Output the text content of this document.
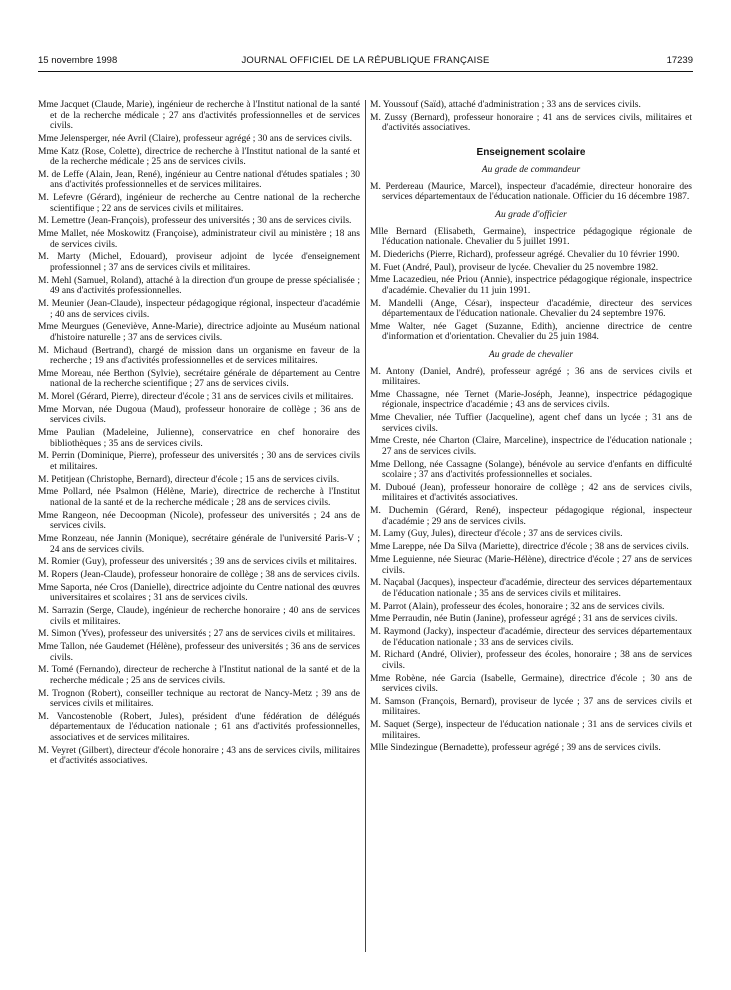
15 novembre 1998	JOURNAL OFFICIEL DE LA RÉPUBLIQUE FRANÇAISE	17239

Mme Jacquet (Claude, Marie), ingénieur de recherche à l'Institut national de la santé et de la recherche médicale ; 27 ans d'activités professionnelles et de services civils.

Mme Jelensperger, née Avril (Claire), professeur agrégé ; 30 ans de services civils.

Mme Katz (Rose, Colette), directrice de recherche à l'Institut national de la santé et de la recherche médicale ; 25 ans de services civils.

M. de Leffe (Alain, Jean, René), ingénieur au Centre national d'études spatiales ; 30 ans d'activités professionnelles et de services militaires.

M. Lefevre (Gérard), ingénieur de recherche au Centre national de la recherche scientifique ; 22 ans de services civils et militaires.

M. Lemettre (Jean-François), professeur des universités ; 30 ans de services civils.

Mme Mallet, née Moskowitz (Françoise), administrateur civil au ministère ; 18 ans de services civils.

M. Marty (Michel, Edouard), proviseur adjoint de lycée d'enseignement professionnel ; 37 ans de services civils et militaires.

M. Mehl (Samuel, Roland), attaché à la direction d'un groupe de presse spécialisée ; 49 ans d'activités professionnelles.

M. Meunier (Jean-Claude), inspecteur pédagogique régional, inspecteur d'académie ; 40 ans de services civils.

Mme Meurgues (Geneviève, Anne-Marie), directrice adjointe au Muséum national d'histoire naturelle ; 37 ans de services civils.

M. Michaud (Bertrand), chargé de mission dans un organisme en faveur de la recherche ; 19 ans d'activités professionnelles et de services militaires.

Mme Moreau, née Berthon (Sylvie), secrétaire générale de département au Centre national de la recherche scientifique ; 27 ans de services civils.

M. Morel (Gérard, Pierre), directeur d'école ; 31 ans de services civils et militaires.

Mme Morvan, née Dugoua (Maud), professeur honoraire de collège ; 36 ans de services civils.

Mme Paulian (Madeleine, Julienne), conservatrice en chef honoraire des bibliothèques ; 35 ans de services civils.

M. Perrin (Dominique, Pierre), professeur des universités ; 30 ans de services civils et militaires.

M. Petitjean (Christophe, Bernard), directeur d'école ; 15 ans de services civils.

Mme Pollard, née Psalmon (Hélène, Marie), directrice de recherche à l'Institut national de la santé et de la recherche médicale ; 28 ans de services civils.

Mme Rangeon, née Decoopman (Nicole), professeur des universités ; 24 ans de services civils.

Mme Ronzeau, née Jannin (Monique), secrétaire générale de l'université Paris-V ; 24 ans de services civils.

M. Romier (Guy), professeur des universités ; 39 ans de services civils et militaires.

M. Ropers (Jean-Claude), professeur honoraire de collège ; 38 ans de services civils.

Mme Saporta, née Cros (Danielle), directrice adjointe du Centre national des œuvres universitaires et scolaires ; 31 ans de services civils.

M. Sarrazin (Serge, Claude), ingénieur de recherche honoraire ; 40 ans de services civils et militaires.

M. Simon (Yves), professeur des universités ; 27 ans de services civils et militaires.

Mme Tallon, née Gaudemet (Hélène), professeur des universités ; 36 ans de services civils.

M. Tomé (Fernando), directeur de recherche à l'Institut national de la santé et de la recherche médicale ; 25 ans de services civils.

M. Trognon (Robert), conseiller technique au rectorat de Nancy-Metz ; 39 ans de services civils et militaires.

M. Vancostenoble (Robert, Jules), président d'une fédération de délégués départementaux de l'éducation nationale ; 61 ans d'activités professionnelles, associatives et de services militaires.

M. Veyret (Gilbert), directeur d'école honoraire ; 43 ans de services civils, militaires et d'activités associatives.

M. Youssouf (Saïd), attaché d'administration ; 33 ans de services civils.

M. Zussy (Bernard), professeur honoraire ; 41 ans de services civils, militaires et d'activités associatives.

Enseignement scolaire
Au grade de commandeur

M. Perdereau (Maurice, Marcel), inspecteur d'académie, directeur honoraire des services départementaux de l'éducation nationale. Officier du 16 décembre 1987.

Au grade d'officier

Mlle Bernard (Elisabeth, Germaine), inspectrice pédagogique régionale de l'éducation nationale. Chevalier du 5 juillet 1991.

M. Diederichs (Pierre, Richard), professeur agrégé. Chevalier du 10 février 1990.

M. Fuet (André, Paul), proviseur de lycée. Chevalier du 25 novembre 1982.

Mme Lacazedieu, née Priou (Annie), inspectrice pédagogique régionale, inspectrice d'académie. Chevalier du 11 juin 1991.

M. Mandelli (Ange, César), inspecteur d'académie, directeur des services départementaux de l'éducation nationale. Chevalier du 24 septembre 1976.

Mme Walter, née Gaget (Suzanne, Edith), ancienne directrice de centre d'information et d'orientation. Chevalier du 25 juin 1984.

Au grade de chevalier

M. Antony (Daniel, André), professeur agrégé ; 36 ans de services civils et militaires.

Mme Chassagne, née Ternet (Marie-Joséph, Jeanne), inspectrice pédagogique régionale, inspectrice d'académie ; 43 ans de services civils.

Mme Chevalier, née Tuffier (Jacqueline), agent chef dans un lycée ; 31 ans de services civils.

Mme Creste, née Charton (Claire, Marceline), inspectrice de l'éducation nationale ; 27 ans de services civils.

Mme Dellong, née Cassagne (Solange), bénévole au service d'enfants en difficulté scolaire ; 37 ans d'activités professionnelles et sociales.

M. Duboué (Jean), professeur honoraire de collège ; 42 ans de services civils, militaires et d'activités associatives.

M. Duchemin (Gérard, René), inspecteur pédagogique régional, inspecteur d'académie ; 29 ans de services civils.

M. Lamy (Guy, Jules), directeur d'école ; 37 ans de services civils.

Mme Lareppe, née Da Silva (Mariette), directrice d'école ; 38 ans de services civils.

Mme Leguienne, née Sieurac (Marie-Hélène), directrice d'école ; 27 ans de services civils.

M. Naçabal (Jacques), inspecteur d'académie, directeur des services départementaux de l'éducation nationale ; 35 ans de services civils et militaires.

M. Parrot (Alain), professeur des écoles, honoraire ; 32 ans de services civils.

Mme Perraudin, née Butin (Janine), professeur agrégé ; 31 ans de services civils.

M. Raymond (Jacky), inspecteur d'académie, directeur des services départementaux de l'éducation nationale ; 33 ans de services civils.

M. Richard (André, Olivier), professeur des écoles, honoraire ; 38 ans de services civils.

Mme Robène, née Garcia (Isabelle, Germaine), directrice d'école ; 30 ans de services civils.

M. Samson (François, Bernard), proviseur de lycée ; 37 ans de services civils et militaires.

M. Saquet (Serge), inspecteur de l'éducation nationale ; 31 ans de services civils et militaires.

Mlle Sindezingue (Bernadette), professeur agrégé ; 39 ans de services civils.
